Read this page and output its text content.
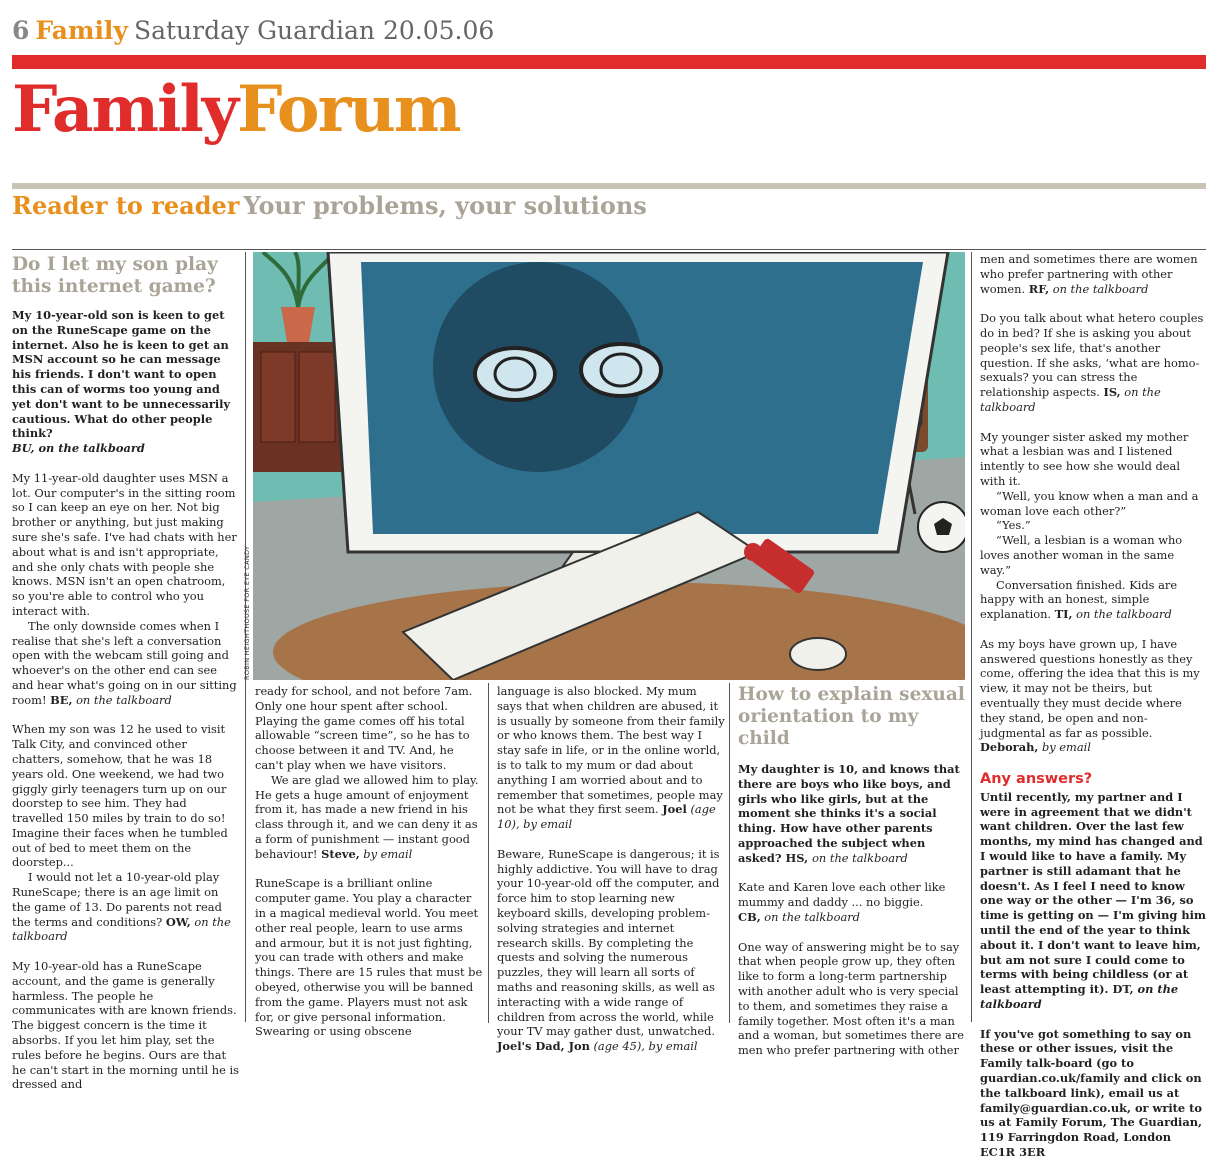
6 Family Saturday Guardian 20.05.06
FamilyForum
Reader to reader Your problems, your solutions
Do I let my son play this internet game?

My 10-year-old son is keen to get on the RuneScape game on the internet. Also he is keen to get an MSN account so he can message his friends. I don't want to open this can of worms too young and yet don't want to be unnecessarily cautious. What do other people think?
BU, on the talkboard

My 11-year-old daughter uses MSN a lot. Our computer's in the sitting room so I can keep an eye on her. Not big brother or anything, but just making sure she's safe. I've had chats with her about what is and isn't appropriate, and she only chats with people she knows. MSN isn't an open chatroom, so you're able to control who you interact with.

The only downside comes when I realise that she's left a conversation open with the webcam still going and whoever's on the other end can see and hear what's going on in our sitting room! BE, on the talkboard

When my son was 12 he used to visit Talk City, and convinced other chatters, somehow, that he was 18 years old. One weekend, we had two giggly girly teenagers turn up on our doorstep to see him. They had travelled 150 miles by train to do so! Imagine their faces when he tumbled out of bed to meet them on the doorstep...

I would not let a 10-year-old play RuneScape; there is an age limit on the game of 13. Do parents not read the terms and conditions? OW, on the talkboard

My 10-year-old has a RuneScape account, and the game is generally harmless. The people he communicates with are known friends. The biggest concern is the time it absorbs. If you let him play, set the rules before he begins. Ours are that he can't start in the morning until he is dressed and

ROBIN HEIGHTHOUSE FOR EYE CANDY

ready for school, and not before 7am. Only one hour spent after school. Playing the game comes off his total allowable “screen time”, so he has to choose between it and TV. And, he can't play when we have visitors.

We are glad we allowed him to play. He gets a huge amount of enjoyment from it, has made a new friend in his class through it, and we can deny it as a form of punishment — instant good behaviour! Steve, by email

RuneScape is a brilliant online computer game. You play a character in a magical medieval world. You meet other real people, learn to use arms and armour, but it is not just fighting, you can trade with others and make things. There are 15 rules that must be obeyed, otherwise you will be banned from the game. Players must not ask for, or give personal information. Swearing or using obscene

language is also blocked. My mum says that when children are abused, it is usually by someone from their family or who knows them. The best way I stay safe in life, or in the online world, is to talk to my mum or dad about anything I am worried about and to remember that sometimes, people may not be what they first seem. Joel (age 10), by email

Beware, RuneScape is dangerous; it is highly addictive. You will have to drag your 10-year-old off the computer, and force him to stop learning new keyboard skills, developing problem-solving strategies and internet research skills. By completing the quests and solving the numerous puzzles, they will learn all sorts of maths and reasoning skills, as well as interacting with a wide range of children from across the world, while your TV may gather dust, unwatched.
Joel's Dad, Jon (age 45), by email

How to explain sexual orientation to my child

My daughter is 10, and knows that there are boys who like boys, and girls who like girls, but at the moment she thinks it's a social thing. How have other parents approached the subject when asked? HS, on the talkboard

Kate and Karen love each other like mummy and daddy ... no biggie.
CB, on the talkboard

One way of answering might be to say that when people grow up, they often like to form a long-term partnership with another adult who is very special to them, and sometimes they raise a family together. Most often it's a man and a woman, but sometimes there are men who prefer partnering with other

men and sometimes there are women who prefer partnering with other women. RF, on the talkboard

Do you talk about what hetero couples do in bed? If she is asking you about people's sex life, that's another question. If she asks, ‘what are homo-sexuals? you can stress the relationship aspects. IS, on the talkboard

My younger sister asked my mother what a lesbian was and I listened intently to see how she would deal with it.

“Well, you know when a man and a woman love each other?”

“Yes.”

“Well, a lesbian is a woman who loves another woman in the same way.”

Conversation finished. Kids are happy with an honest, simple explanation. TI, on the talkboard

As my boys have grown up, I have answered questions honestly as they come, offering the idea that this is my view, it may not be theirs, but eventually they must decide where they stand, be open and non-judgmental as far as possible. Deborah, by email

Any answers?

Until recently, my partner and I were in agreement that we didn't want children. Over the last few months, my mind has changed and I would like to have a family. My partner is still adamant that he doesn't. As I feel I need to know one way or the other — I'm 36, so time is getting on — I'm giving him until the end of the year to think about it. I don't want to leave him, but am not sure I could come to terms with being childless (or at least attempting it). DT, on the talkboard

If you've got something to say on these or other issues, visit the Family talk-board (go to guardian.co.uk/family and click on the talkboard link), email us at family@guardian.co.uk, or write to us at Family Forum, The Guardian, 119 Farringdon Road, London EC1R 3ER
